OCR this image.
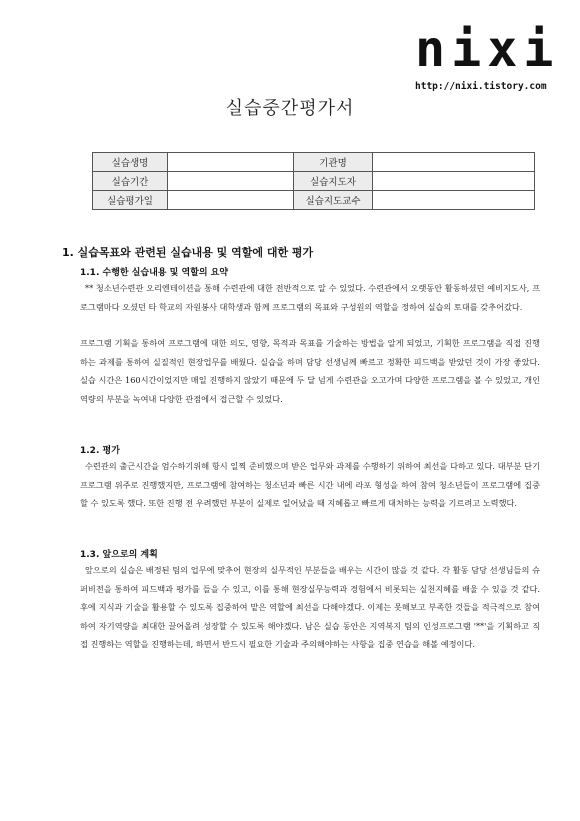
nixi
http://nixi.tistory.com
실습중간평가서
실습생명		기관명	
실습기간		실습지도자	
실습평가일		실습지도교수	
1. 실습목표와 관련된 실습내용 및 역할에 대한 평가
1.1. 수행한 실습내용 및 역할의 요약

** 청소년수련관 오리엔테이션을 통해 수련관에 대한 전반적으로 알 수 있었다. 수련관에서 오랫동안 활동하셨던 예비지도사, 프로그램마다 오셨던 타 학교의 자원봉사 대학생과 함께 프로그램의 목표와 구성원의 역할을 정하여 실습의 토대를 갖추어갔다.

프로그램 기획을 통하여 프로그램에 대한 의도, 영향, 목적과 목표를 기술하는 방법을 알게 되었고, 기획한 프로그램을 직접 진행하는 과제를 통하여 실질적인 현장업무를 배웠다. 실습을 하며 담당 선생님께 빠르고 정확한 피드백을 받았던 것이 가장 좋았다. 실습 시간은 160시간이었지만 매일 진행하지 않았기 때문에 두 달 넘게 수련관을 오고가며 다양한 프로그램을 볼 수 있었고, 개인역량의 부분을 녹여내 다양한 관점에서 접근할 수 있었다.

1.2. 평가

수련관의 출근시간을 엄수하기위해 항시 일찍 준비했으며 받은 업무와 과제를 수행하기 위하여 최선을 다하고 있다. 대부분 단기 프로그램 위주로 진행했지만, 프로그램에 참여하는 청소년과 빠른 시간 내에 라포 형성을 하여 참여 청소년들이 프로그램에 집중 할 수 있도록 했다. 또한 진행 전 우려했던 부분이 실제로 일어났을 때 지혜롭고 빠르게 대처하는 능력을 기르려고 노력했다.

1.3. 앞으로의 계획

앞으로의 실습은 배정된 팀의 업무에 맞추어 현장의 실무적인 부분들을 배우는 시간이 많을 것 같다. 각 활동 담당 선생님들의 슈퍼비전을 통하여 피드백과 평가를 들을 수 있고, 이를 통해 현장실무능력과 경험에서 비롯되는 실천지혜를 배울 수 있을 것 같다. 후에 지식과 기술을 활용할 수 있도록 집중하여 맡은 역할에 최선을 다해야겠다. 이제는 못해보고 부족한 것들을 적극적으로 참여하여 자기역량을 최대한 끌어올려 성장할 수 있도록 해야겠다. 남은 실습 동안은 지역복지 팀의 인성프로그램 '**'을 기획하고 직접 진행하는 역할을 진행하는데, 하면서 반드시 필요한 기술과 주의해야하는 사항을 집중 연습을 해볼 예정이다.
